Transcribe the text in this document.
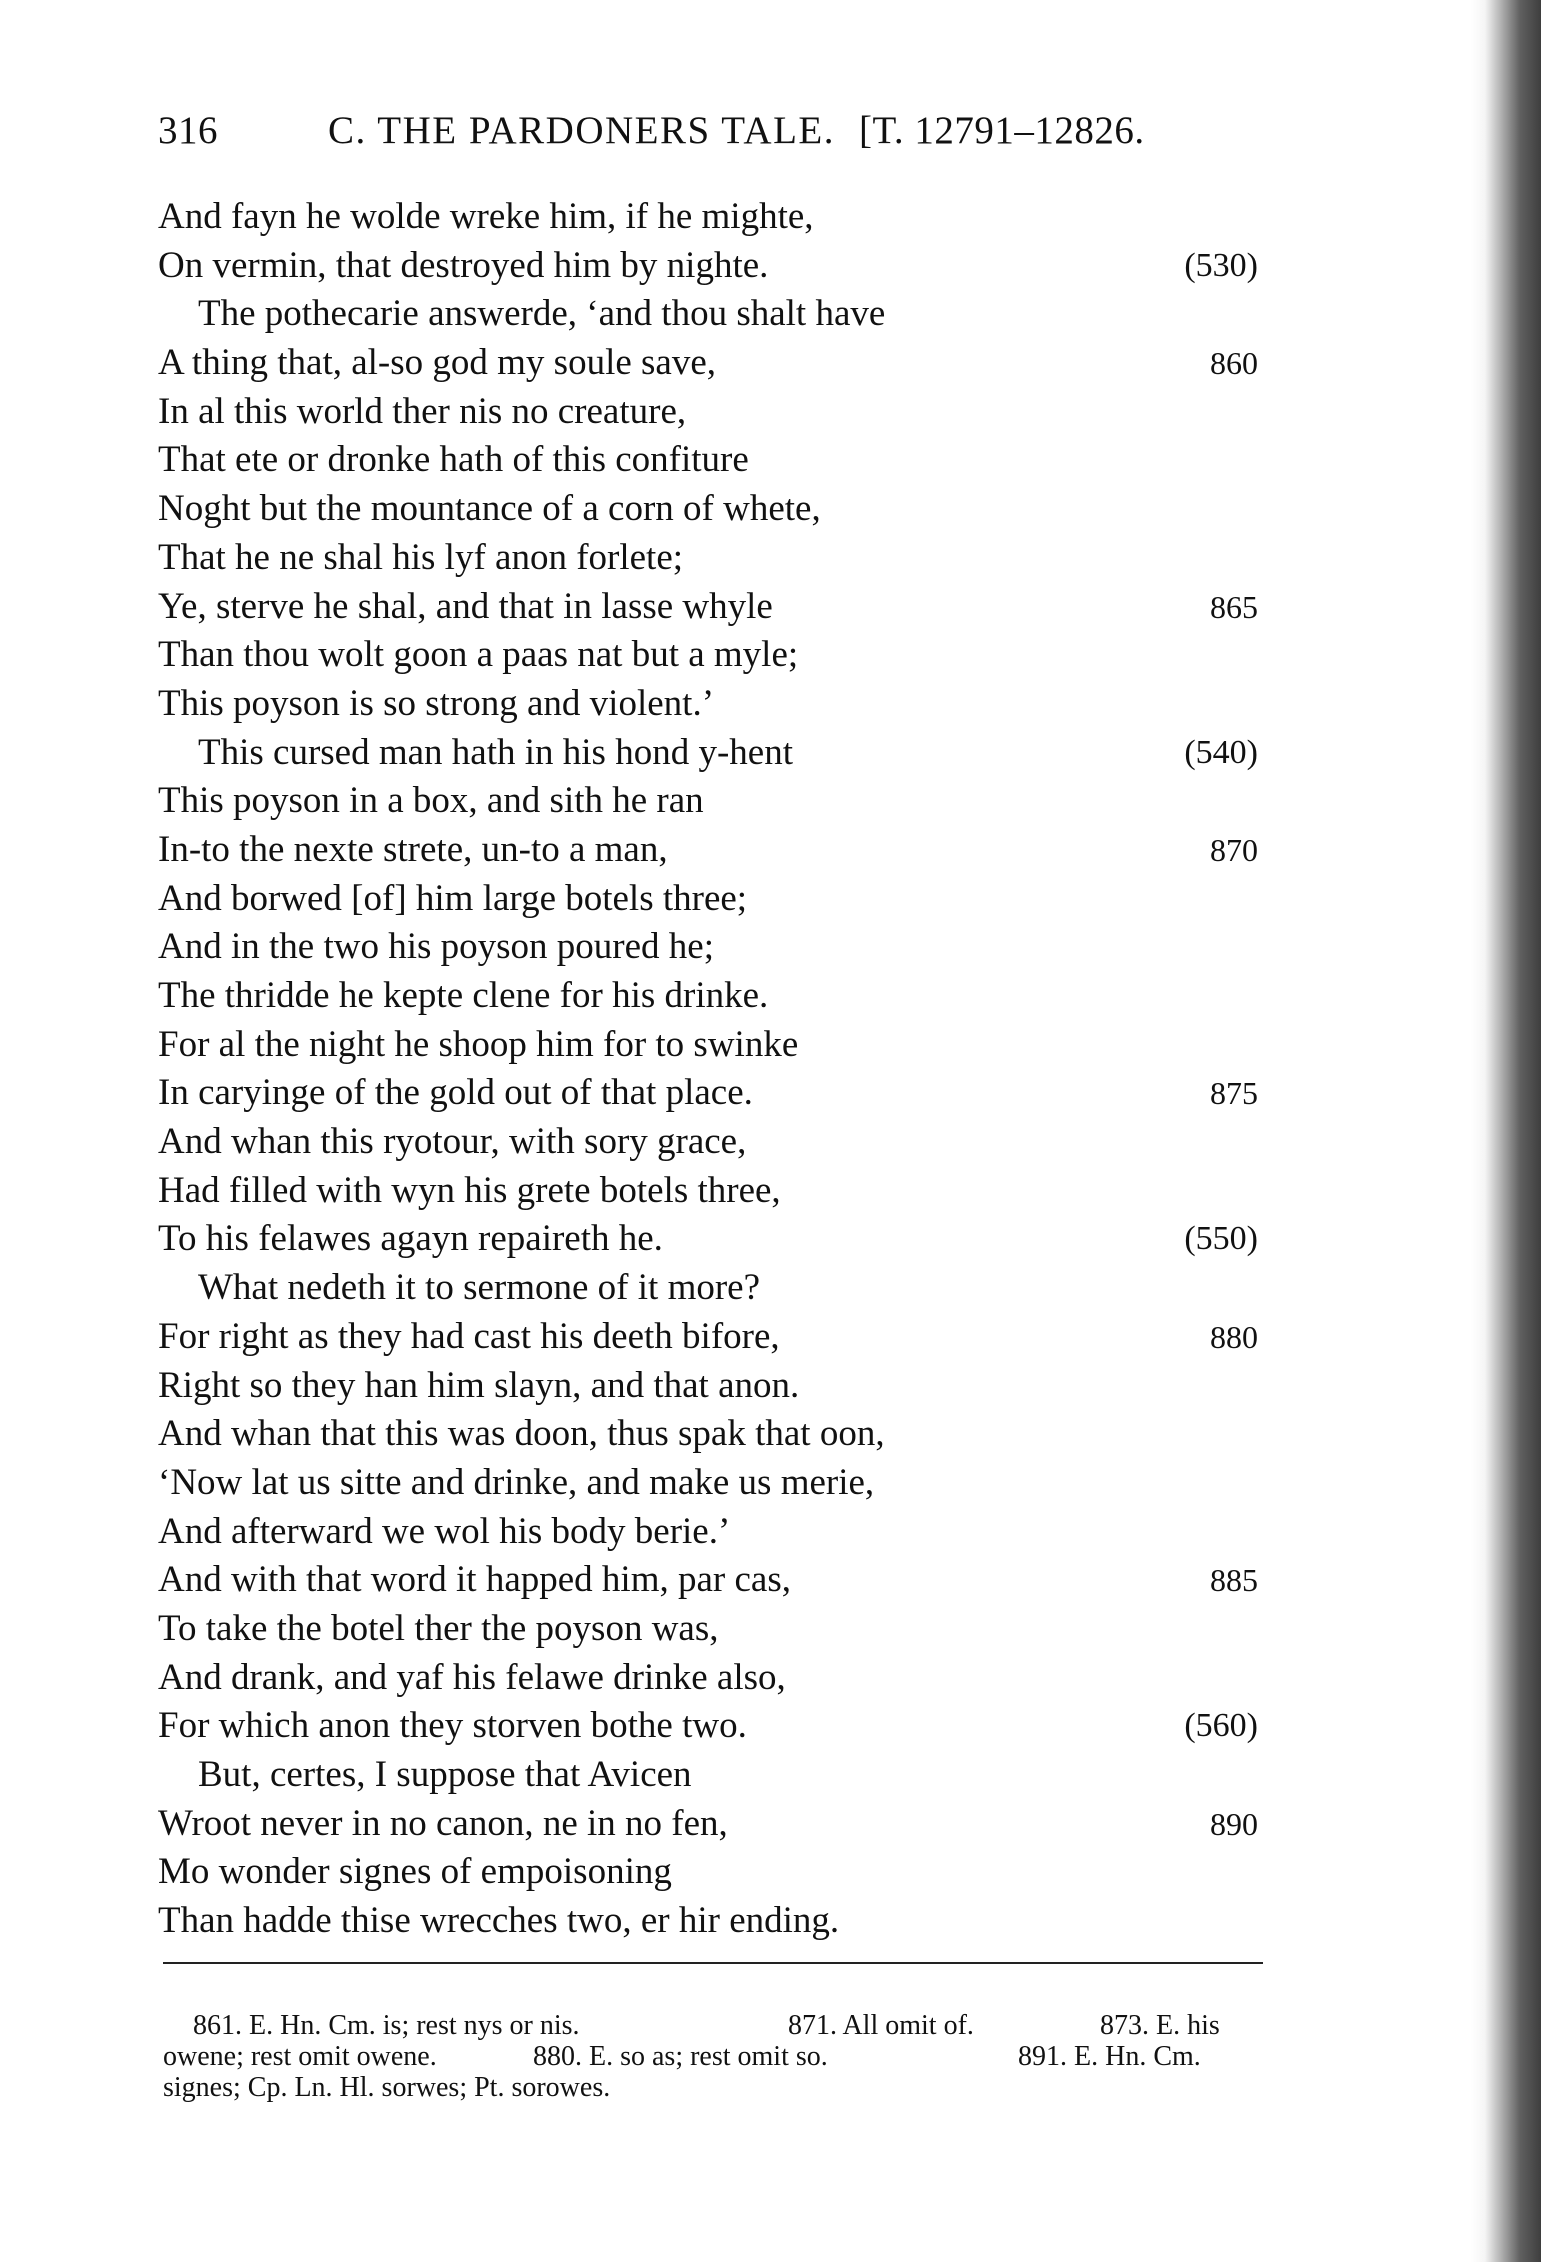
316	C. THE PARDONERS TALE. [T. 12791–12826.
And fayn he wolde wreke him, if he mighte,
On vermin, that destroyed him by nighte.	(530)
The pothecarie answerde, ‘and thou shalt have
A thing that, al-so god my soule save,	860
In al this world ther nis no creature,
That ete or dronke hath of this confiture
Noght but the mountance of a corn of whete,
That he ne shal his lyf anon forlete;
Ye, sterve he shal, and that in lasse whyle	865
Than thou wolt goon a paas nat but a myle;
This poyson is so strong and violent.’
This cursed man hath in his hond y-hent	(540)
This poyson in a box, and sith he ran
In-to the nexte strete, un-to a man,	870
And borwed [of] him large botels three;
And in the two his poyson poured he;
The thridde he kepte clene for his drinke.
For al the night he shoop him for to swinke
In caryinge of the gold out of that place.	875
And whan this ryotour, with sory grace,
Had filled with wyn his grete botels three,
To his felawes agayn repaireth he.	(550)
What nedeth it to sermone of it more?
For right as they had cast his deeth bifore,	880
Right so they han him slayn, and that anon.
And whan that this was doon, thus spak that oon,
‘Now lat us sitte and drinke, and make us merie,
And afterward we wol his body berie.’
And with that word it happed him, par cas,	885
To take the botel ther the poyson was,
And drank, and yaf his felawe drinke also,
For which anon they storven bothe two.	(560)
But, certes, I suppose that Avicen
Wroot never in no canon, ne in no fen,	890
Mo wonder signes of empoisoning
Than hadde thise wrecches two, er hir ending.
861. E. Hn. Cm. is; rest nys or nis.	871. All omit of.	873. E. his
owene; rest omit owene.	880. E. so as; rest omit so.	891. E. Hn. Cm.
signes; Cp. Ln. Hl. sorwes; Pt. sorowes.
